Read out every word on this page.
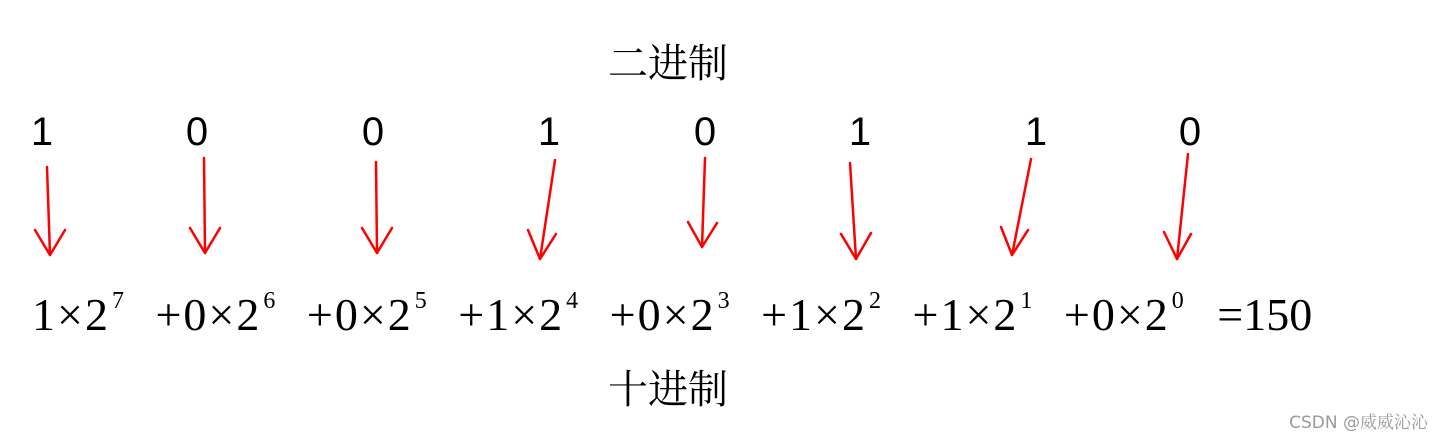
二进制
1	0	0	1	0	1	1	0
1×2 $^7$ +0×2 $^6$ +0×2 $^5$ +1×2 $^4$ +0×2 $^3$ +1×2 $^2$ +1×2 $^1$ +0×2 $^0$ =150
十进制
CSDN @威威沁沁
